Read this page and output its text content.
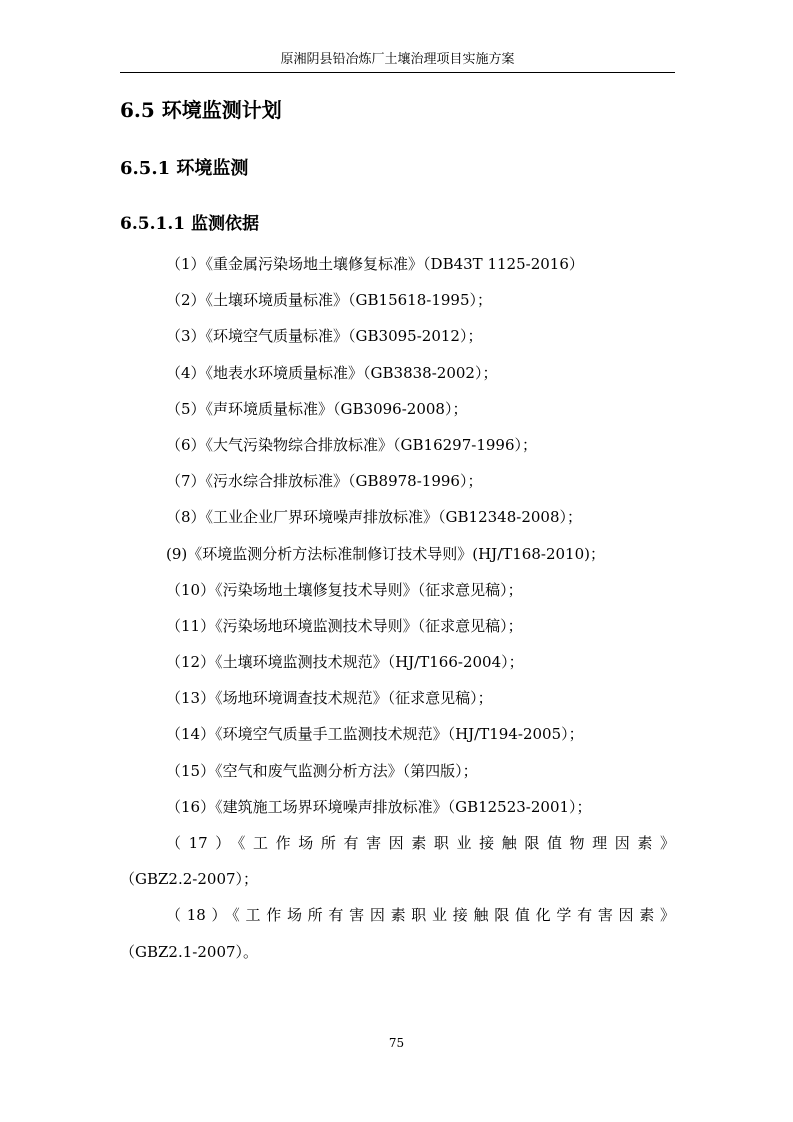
原湘阴县铅冶炼厂土壤治理项目实施方案
6.5 环境监测计划
6.5.1 环境监测
6.5.1.1 监测依据
（1）《重金属污染场地土壤修复标准》（DB43T 1125-2016）
（2）《土壤环境质量标准》（GB15618-1995）；
（3）《环境空气质量标准》（GB3095-2012）；
（4）《地表水环境质量标准》（GB3838-2002）；
（5）《声环境质量标准》（GB3096-2008）；
（6）《大气污染物综合排放标准》（GB16297-1996）；
（7）《污水综合排放标准》（GB8978-1996）；
（8）《工业企业厂界环境噪声排放标准》（GB12348-2008）；
(9)《环境监测分析方法标准制修订技术导则》(HJ/T168-2010)；
（10）《污染场地土壤修复技术导则》（征求意见稿）；
（11）《污染场地环境监测技术导则》（征求意见稿）；
（12）《土壤环境监测技术规范》（HJ/T166-2004）；
（13）《场地环境调查技术规范》（征求意见稿）；
（14）《环境空气质量手工监测技术规范》（HJ/T194-2005）；
（15）《空气和废气监测分析方法》（第四版）；
（16）《建筑施工场界环境噪声排放标准》（GB12523-2001）；
（17）《工作场所有害因素职业接触限值物理因素》
（GBZ2.2-2007）；
（18）《工作场所有害因素职业接触限值化学有害因素》
（GBZ2.1-2007）。
75
